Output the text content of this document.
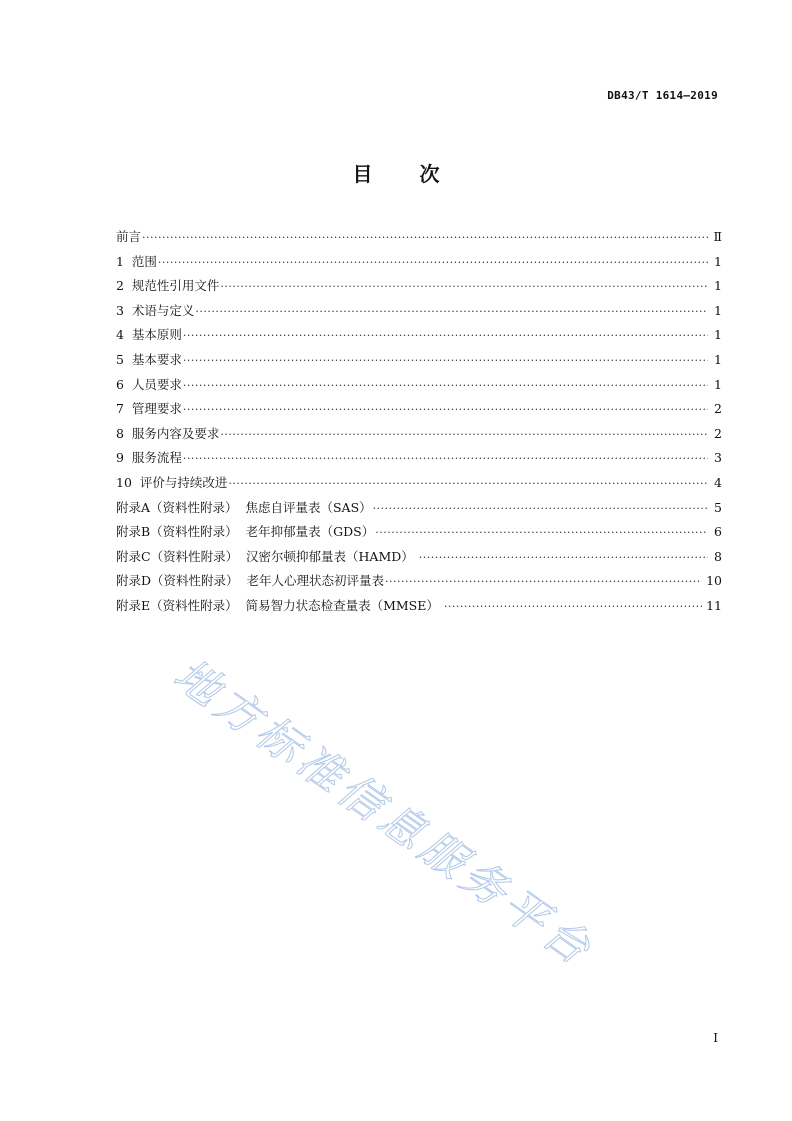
DB43/T 1614—2019
目 次
前言 ·····	Ⅱ
1 范围 ·····	1
2 规范性引用文件 ·····	1
3 术语与定义 ·····	1
4 基本原则 ·····	1
5 基本要求 ·····	1
6 人员要求 ·····	1
7 管理要求 ·····	2
8 服务内容及要求 ·····	2
9 服务流程 ·····	3
10 评价与持续改进 ·····	4
附录A（资料性附录） 焦虑自评量表（SAS） ·····	5
附录B（资料性附录） 老年抑郁量表（GDS） ·····	6
附录C（资料性附录） 汉密尔顿抑郁量表（HAMD） ·····	8
附录D（资料性附录） 老年人心理状态初评量表 ·····	10
附录E（资料性附录） 简易智力状态检查量表（MMSE） ·····	11
地方标准信息服务平台
I
